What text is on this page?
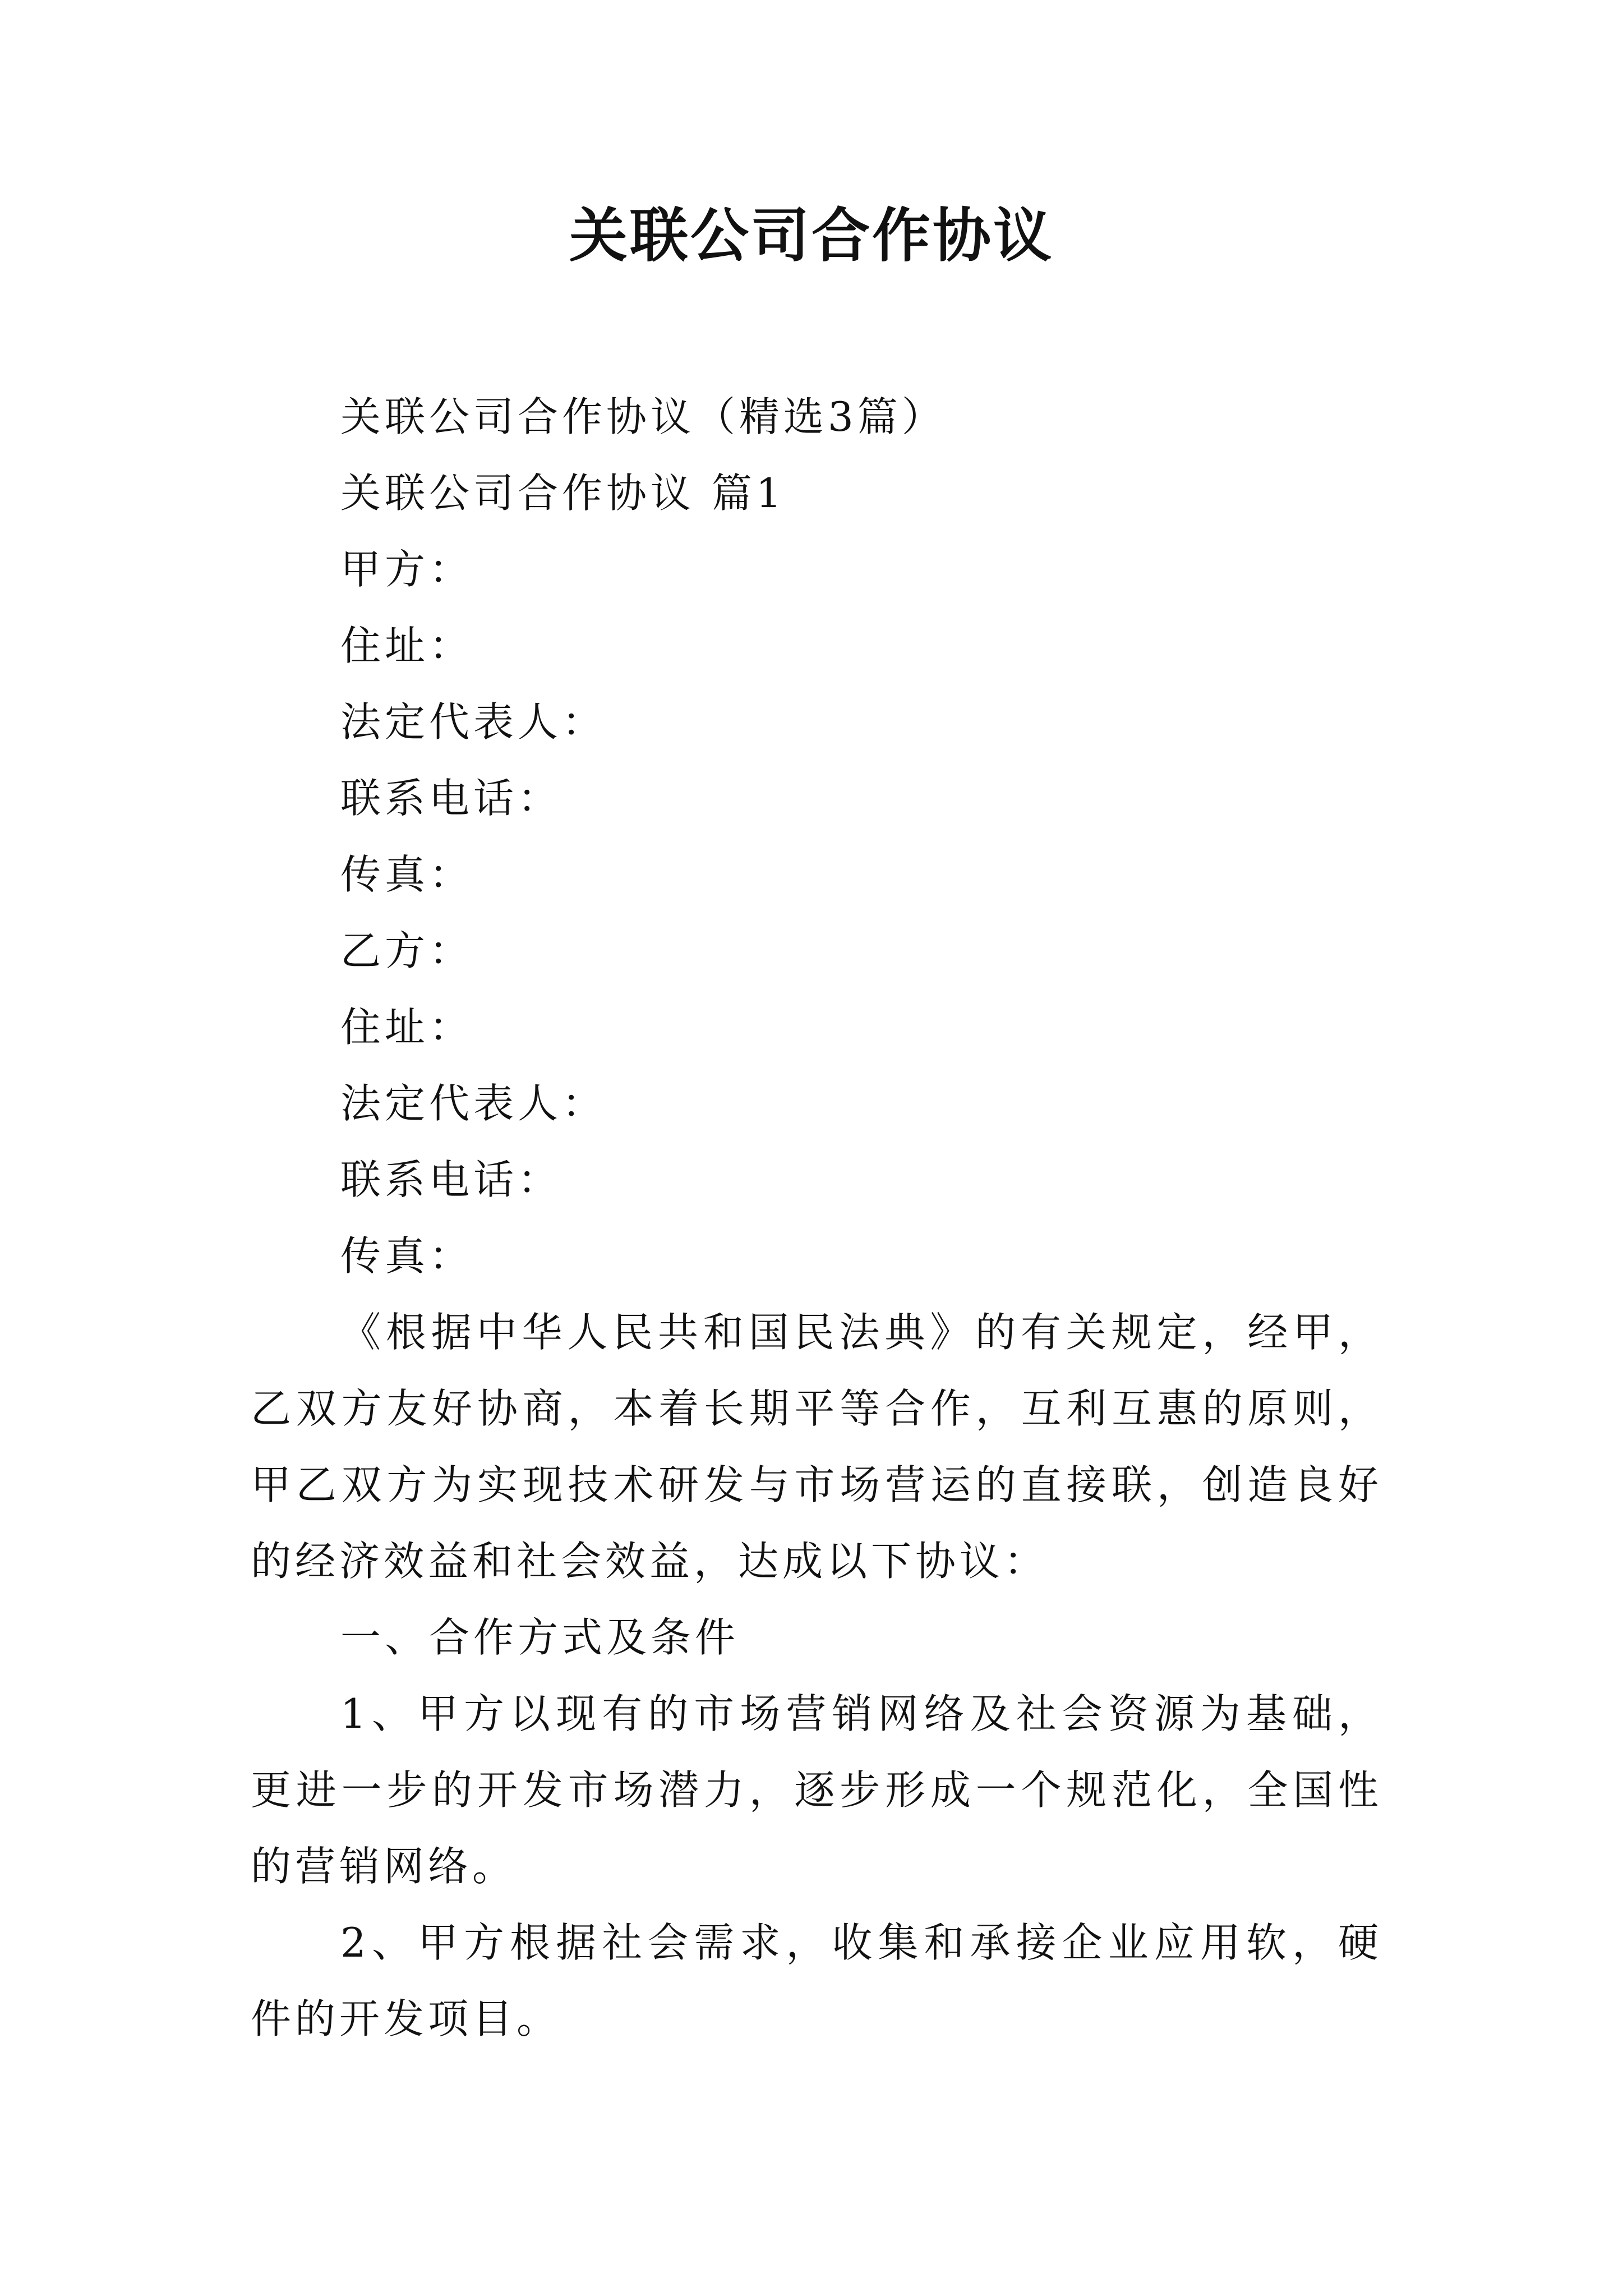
关联公司合作协议

关联公司合作协议（精选3篇）

关联公司合作协议 篇1

甲方：

住址：

法定代表人：

联系电话：

传真：

乙方：

住址：

法定代表人：

联系电话：

传真：

《根据中华人民共和国民法典》的有关规定，经甲，乙双方友好协商，本着长期平等合作，互利互惠的原则，甲乙双方为实现技术研发与市场营运的直接联，创造良好的经济效益和社会效益，达成以下协议：

一、合作方式及条件

1、甲方以现有的市场营销网络及社会资源为基础，更进一步的开发市场潜力，逐步形成一个规范化，全国性的营销网络。

2、甲方根据社会需求，收集和承接企业应用软，硬件的开发项目。
